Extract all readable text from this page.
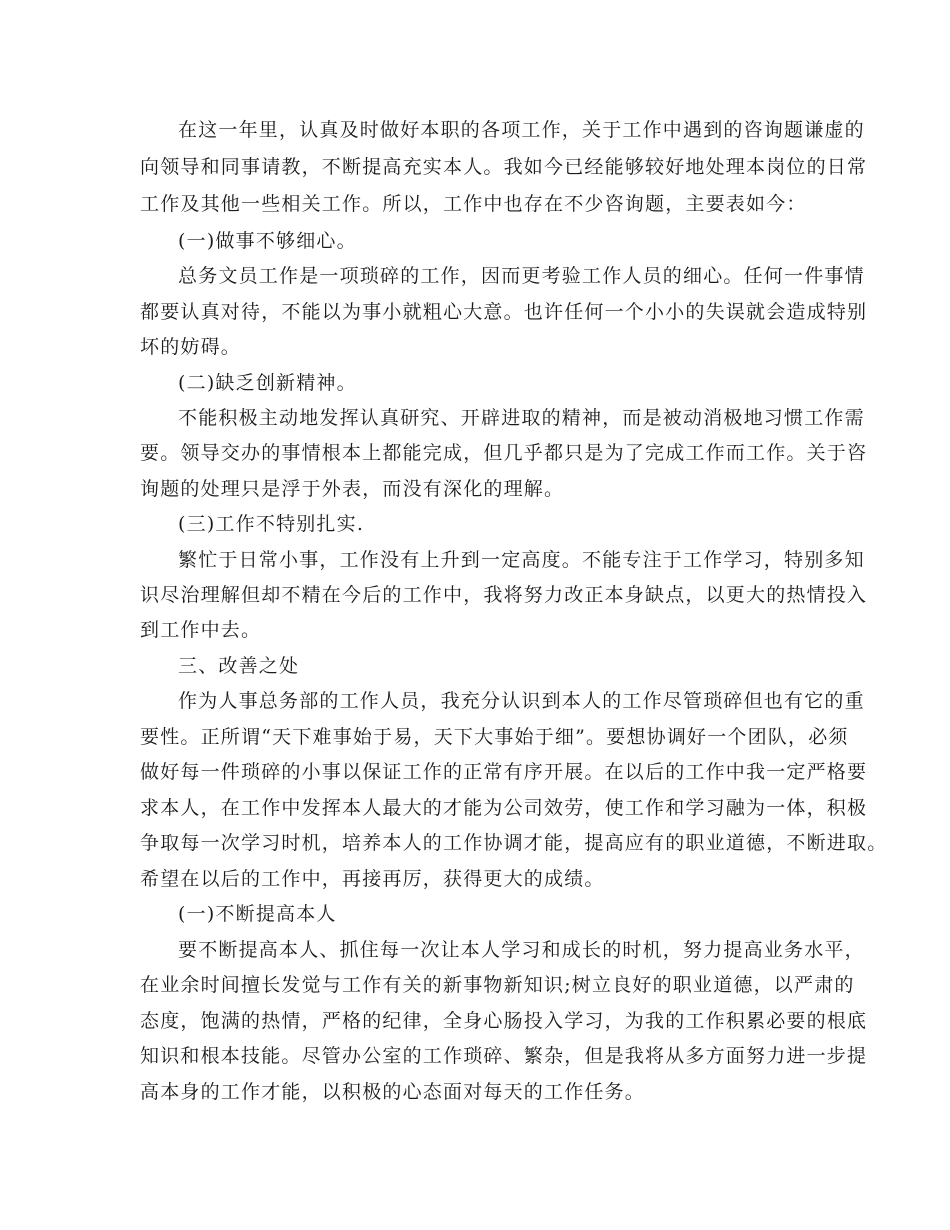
在这一年里，认真及时做好本职的各项工作，关于工作中遇到的咨询题谦虚的
向领导和同事请教，不断提高充实本人。我如今已经能够较好地处理本岗位的日常
工作及其他一些相关工作。所以，工作中也存在不少咨询题，主要表如今：
(一)做事不够细心。
总务文员工作是一项琐碎的工作，因而更考验工作人员的细心。任何一件事情
都要认真对待，不能以为事小就粗心大意。也许任何一个小小的失误就会造成特别
坏的妨碍。
(二)缺乏创新精神。
不能积极主动地发挥认真研究、开辟进取的精神，而是被动消极地习惯工作需
要。领导交办的事情根本上都能完成，但几乎都只是为了完成工作而工作。关于咨
询题的处理只是浮于外表，而没有深化的理解。
(三)工作不特别扎实.
繁忙于日常小事，工作没有上升到一定高度。不能专注于工作学习，特别多知
识尽治理解但却不精在今后的工作中，我将努力改正本身缺点，以更大的热情投入
到工作中去。
三、改善之处
作为人事总务部的工作人员，我充分认识到本人的工作尽管琐碎但也有它的重
要性。正所谓“天下难事始于易，天下大事始于细”。要想协调好一个团队，必须
做好每一件琐碎的小事以保证工作的正常有序开展。在以后的工作中我一定严格要
求本人，在工作中发挥本人最大的才能为公司效劳，使工作和学习融为一体，积极
争取每一次学习时机，培养本人的工作协调才能，提高应有的职业道德，不断进取。
希望在以后的工作中，再接再厉，获得更大的成绩。
(一)不断提高本人
要不断提高本人、抓住每一次让本人学习和成长的时机，努力提高业务水平，
在业余时间擅长发觉与工作有关的新事物新知识;树立良好的职业道德，以严肃的
态度，饱满的热情，严格的纪律，全身心肠投入学习，为我的工作积累必要的根底
知识和根本技能。尽管办公室的工作琐碎、繁杂，但是我将从多方面努力进一步提
高本身的工作才能，以积极的心态面对每天的工作任务。
